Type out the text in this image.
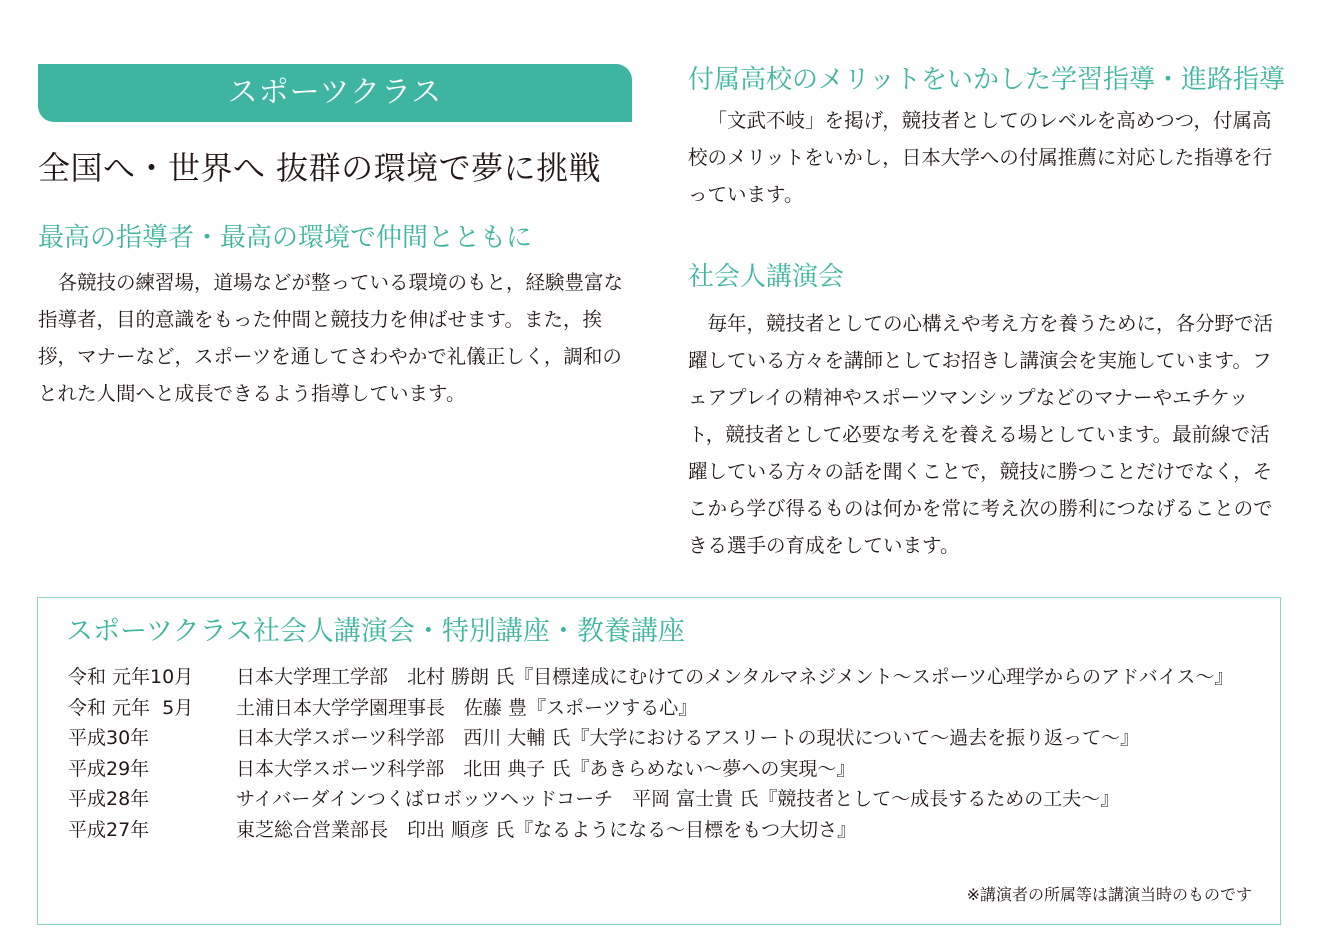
スポーツクラス
全国へ・世界へ 抜群の環境で夢に挑戦
最高の指導者・最高の環境で仲間とともに

各競技の練習場，道場などが整っている環境のもと，経験豊富な指導者，目的意識をもった仲間と競技力を伸ばせます。また，挨拶，マナーなど，スポーツを通してさわやかで礼儀正しく，調和のとれた人間へと成長できるよう指導しています。

付属高校のメリットをいかした学習指導・進路指導

「文武不岐」を掲げ，競技者としてのレベルを高めつつ，付属高校のメリットをいかし，日本大学への付属推薦に対応した指導を行っています。

社会人講演会

毎年，競技者としての心構えや考え方を養うために，各分野で活躍している方々を講師としてお招きし講演会を実施しています。フェアプレイの精神やスポーツマンシップなどのマナーやエチケット，競技者として必要な考えを養える場としています。最前線で活躍している方々の話を聞くことで，競技に勝つことだけでなく，そこから学び得るものは何かを常に考え次の勝利につなげることのできる選手の育成をしています。

スポーツクラス社会人講演会・特別講座・教養講座
令和 元年10月	日本大学理工学部　北村 勝朗 氏『目標達成にむけてのメンタルマネジメント～スポーツ心理学からのアドバイス～』
令和 元年  5月	土浦日本大学学園理事長　佐藤 豊『スポーツする心』
平成30年	日本大学スポーツ科学部　西川 大輔 氏『大学におけるアスリートの現状について～過去を振り返って～』
平成29年	日本大学スポーツ科学部　北田 典子 氏『あきらめない～夢への実現～』
平成28年	サイバーダインつくばロボッツヘッドコーチ　平岡 富士貴 氏『競技者として～成長するための工夫～』
平成27年	東芝総合営業部長　印出 順彦 氏『なるようになる～目標をもつ大切さ』
※講演者の所属等は講演当時のものです
